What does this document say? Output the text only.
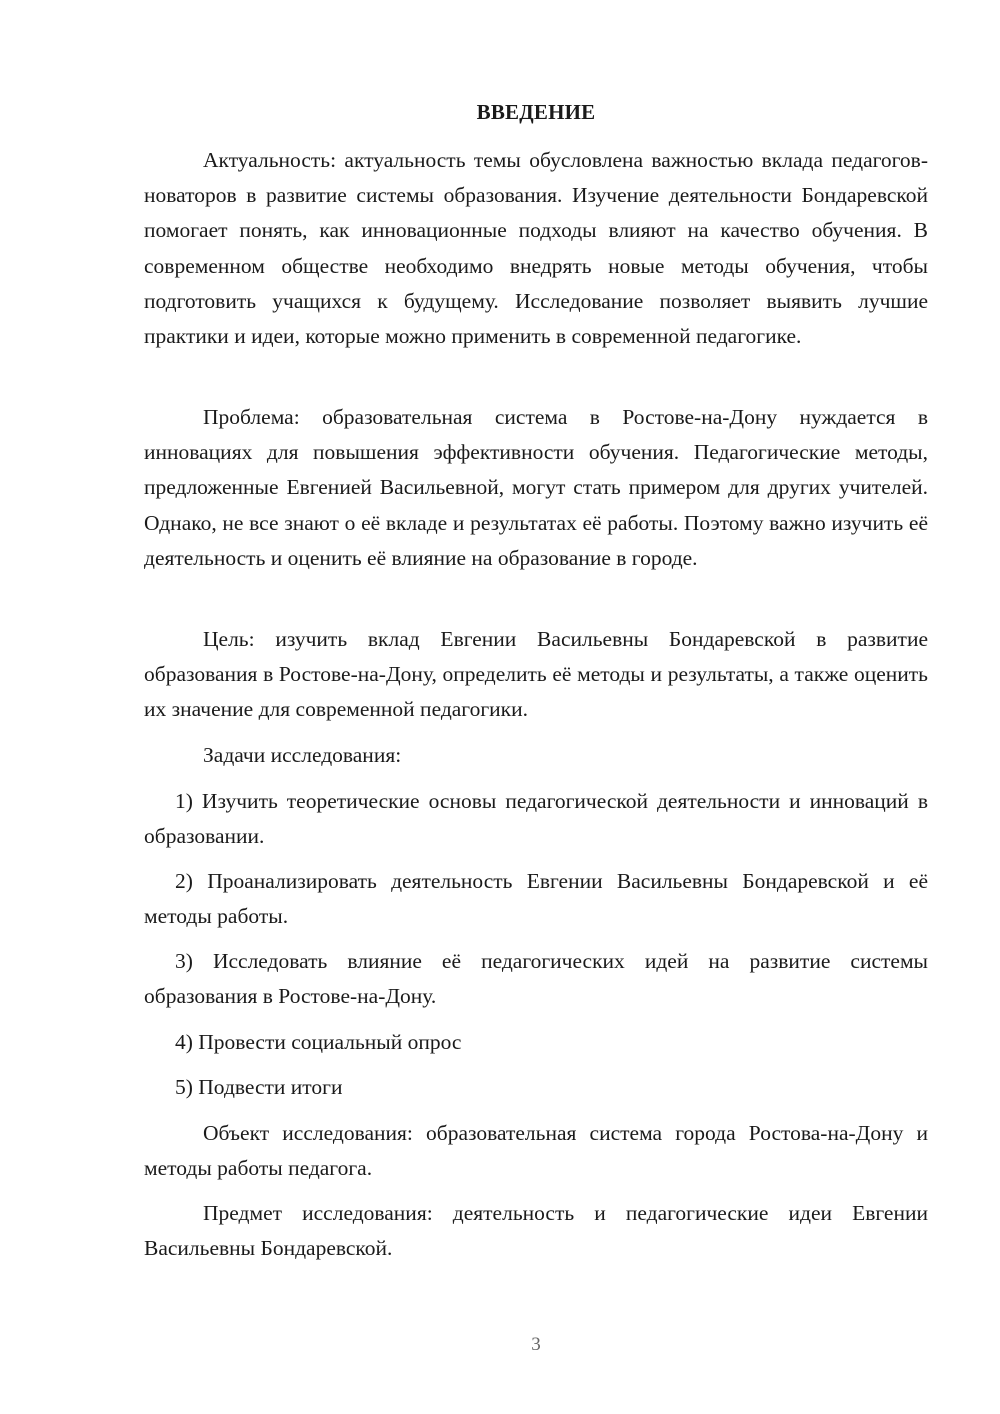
ВВЕДЕНИЕ

Актуальность: актуальность темы обусловлена важностью вклада педагогов-новаторов в развитие системы образования. Изучение деятельности Бондаревской помогает понять, как инновационные подходы влияют на качество обучения. В современном обществе необходимо внедрять новые методы обучения, чтобы подготовить учащихся к будущему. Исследование позволяет выявить лучшие практики и идеи, которые можно применить в современной педагогике.

Проблема: образовательная система в Ростове-на-Дону нуждается в инновациях для повышения эффективности обучения. Педагогические методы, предложенные Евгенией Васильевной, могут стать примером для других учителей. Однако, не все знают о её вкладе и результатах её работы. Поэтому важно изучить её деятельность и оценить её влияние на образование в городе.

Цель: изучить вклад Евгении Васильевны Бондаревской в развитие образования в Ростове-на-Дону, определить её методы и результаты, а также оценить их значение для современной педагогики.

Задачи исследования:

1) Изучить теоретические основы педагогической деятельности и инноваций в образовании.

2) Проанализировать деятельность Евгении Васильевны Бондаревской и её методы работы.

3) Исследовать влияние её педагогических идей на развитие системы образования в Ростове-на-Дону.

4) Провести социальный опрос

5) Подвести итоги

Объект исследования: образовательная система города Ростова-на-Дону и методы работы педагога.

Предмет исследования: деятельность и педагогические идеи Евгении Васильевны Бондаревской.

3
